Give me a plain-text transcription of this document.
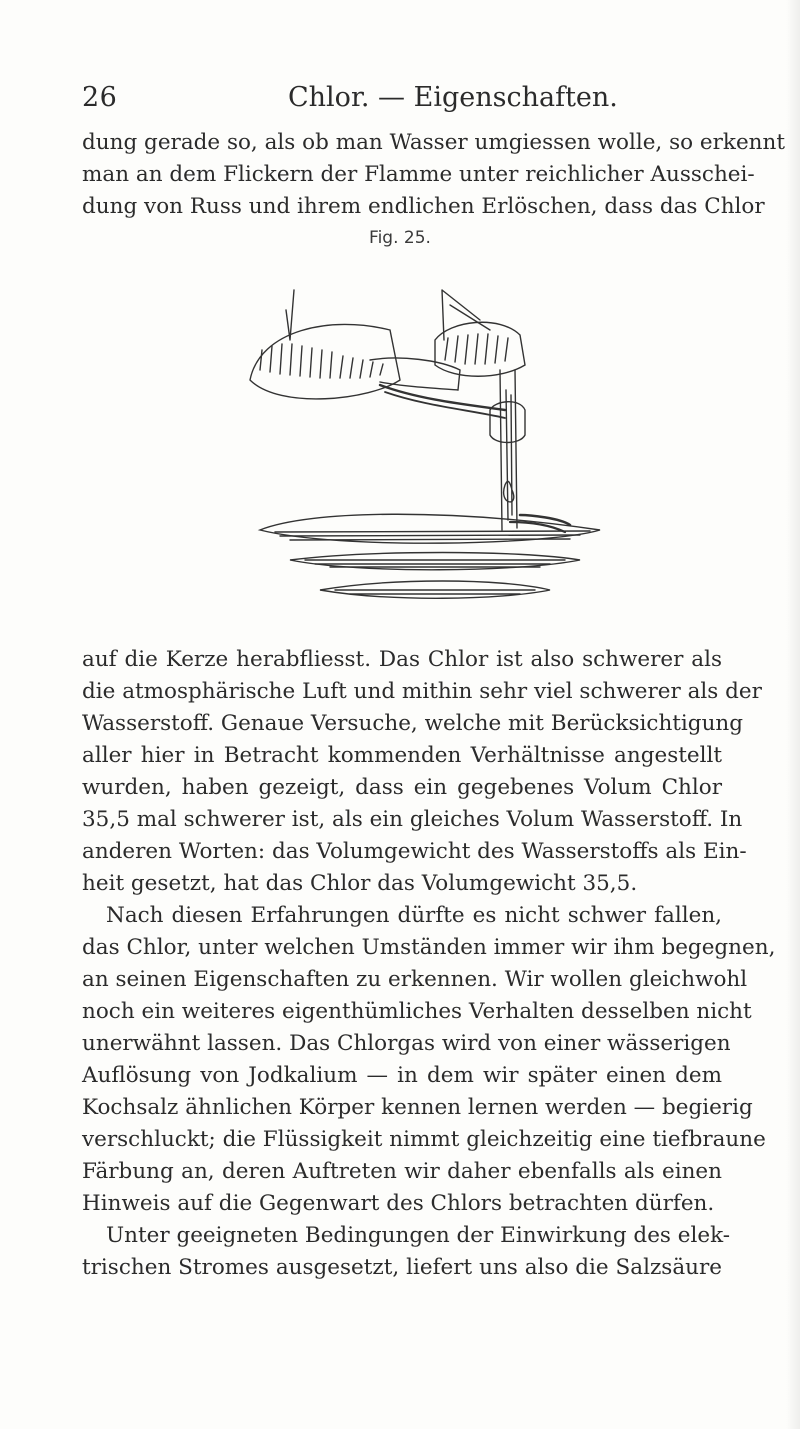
26	Chlor. — Eigenschaften.
dung gerade so, als ob man Wasser umgiessen wolle, so erkennt
man an dem Flickern der Flamme unter reichlicher Ausschei-
dung von Russ und ihrem endlichen Erlöschen, dass das Chlor
Fig. 25.
auf die Kerze herabfliesst. Das Chlor ist also schwerer als
die atmosphärische Luft und mithin sehr viel schwerer als der
Wasserstoff. Genaue Versuche, welche mit Berücksichtigung
aller hier in Betracht kommenden Verhältnisse angestellt
wurden, haben gezeigt, dass ein gegebenes Volum Chlor
35,5 mal schwerer ist, als ein gleiches Volum Wasserstoff. In
anderen Worten: das Volumgewicht des Wasserstoffs als Ein-
heit gesetzt, hat das Chlor das Volumgewicht 35,5.
Nach diesen Erfahrungen dürfte es nicht schwer fallen,
das Chlor, unter welchen Umständen immer wir ihm begegnen,
an seinen Eigenschaften zu erkennen. Wir wollen gleichwohl
noch ein weiteres eigenthümliches Verhalten desselben nicht
unerwähnt lassen. Das Chlorgas wird von einer wässerigen
Auflösung von Jodkalium — in dem wir später einen dem
Kochsalz ähnlichen Körper kennen lernen werden — begierig
verschluckt; die Flüssigkeit nimmt gleichzeitig eine tiefbraune
Färbung an, deren Auftreten wir daher ebenfalls als einen
Hinweis auf die Gegenwart des Chlors betrachten dürfen.
Unter geeigneten Bedingungen der Einwirkung des elek-
trischen Stromes ausgesetzt, liefert uns also die Salzsäure
